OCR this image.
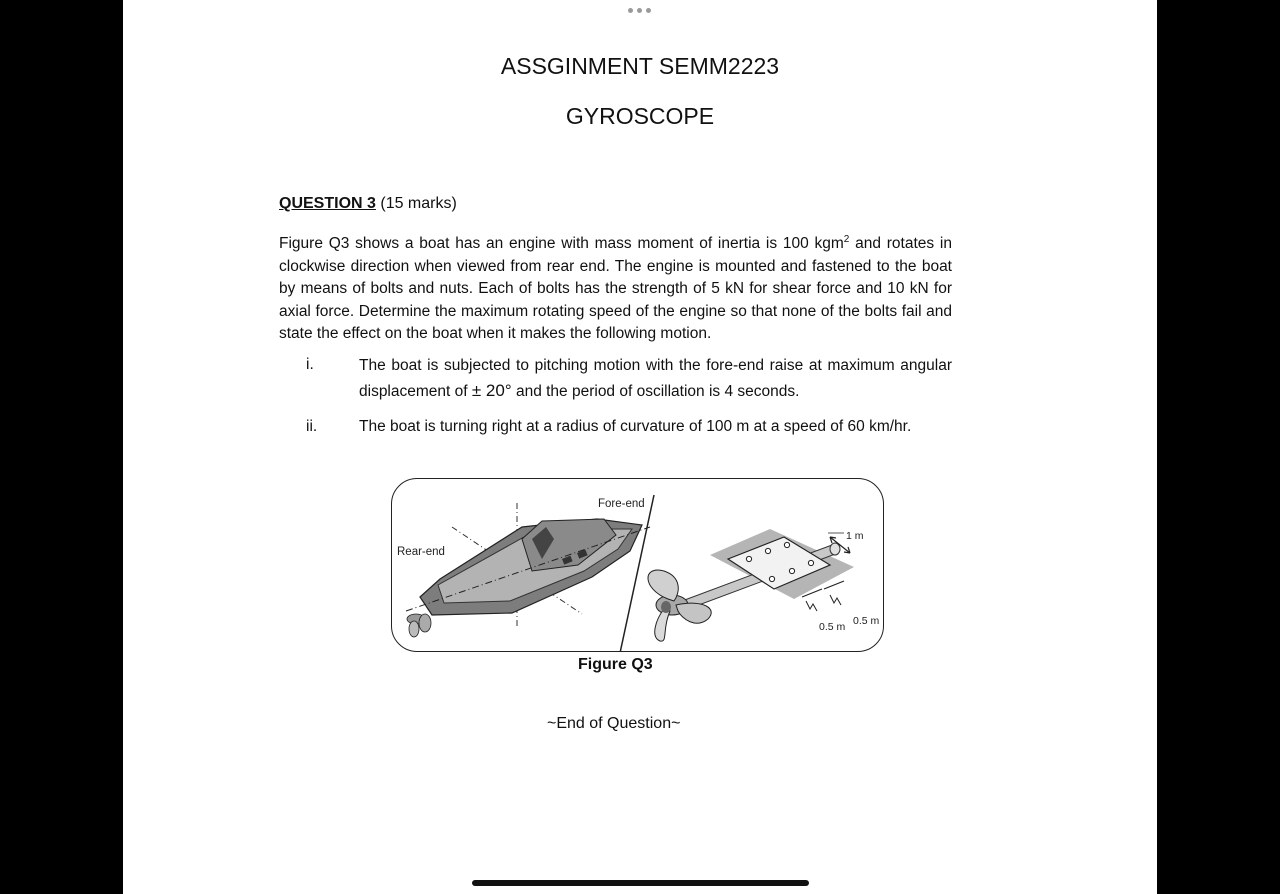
ASSGINMENT SEMM2223
GYROSCOPE
QUESTION 3 (15 marks)
Figure Q3 shows a boat has an engine with mass moment of inertia is 100 kgm$^2$ and rotates in clockwise direction when viewed from rear end. The engine is mounted and fastened to the boat by means of bolts and nuts. Each of bolts has the strength of 5 kN for shear force and 10 kN for axial force. Determine the maximum rotating speed of the engine so that none of the bolts fail and state the effect on the boat when it makes the following motion.
i.	The boat is subjected to pitching motion with the fore-end raise at maximum angular displacement of ± 20° and the period of oscillation is 4 seconds.
ii.	The boat is turning right at a radius of curvature of 100 m at a speed of 60 km/hr.
Fore-end
Rear-end
1 m
0.5 m 0.5 m
Figure Q3
~End of Question~
